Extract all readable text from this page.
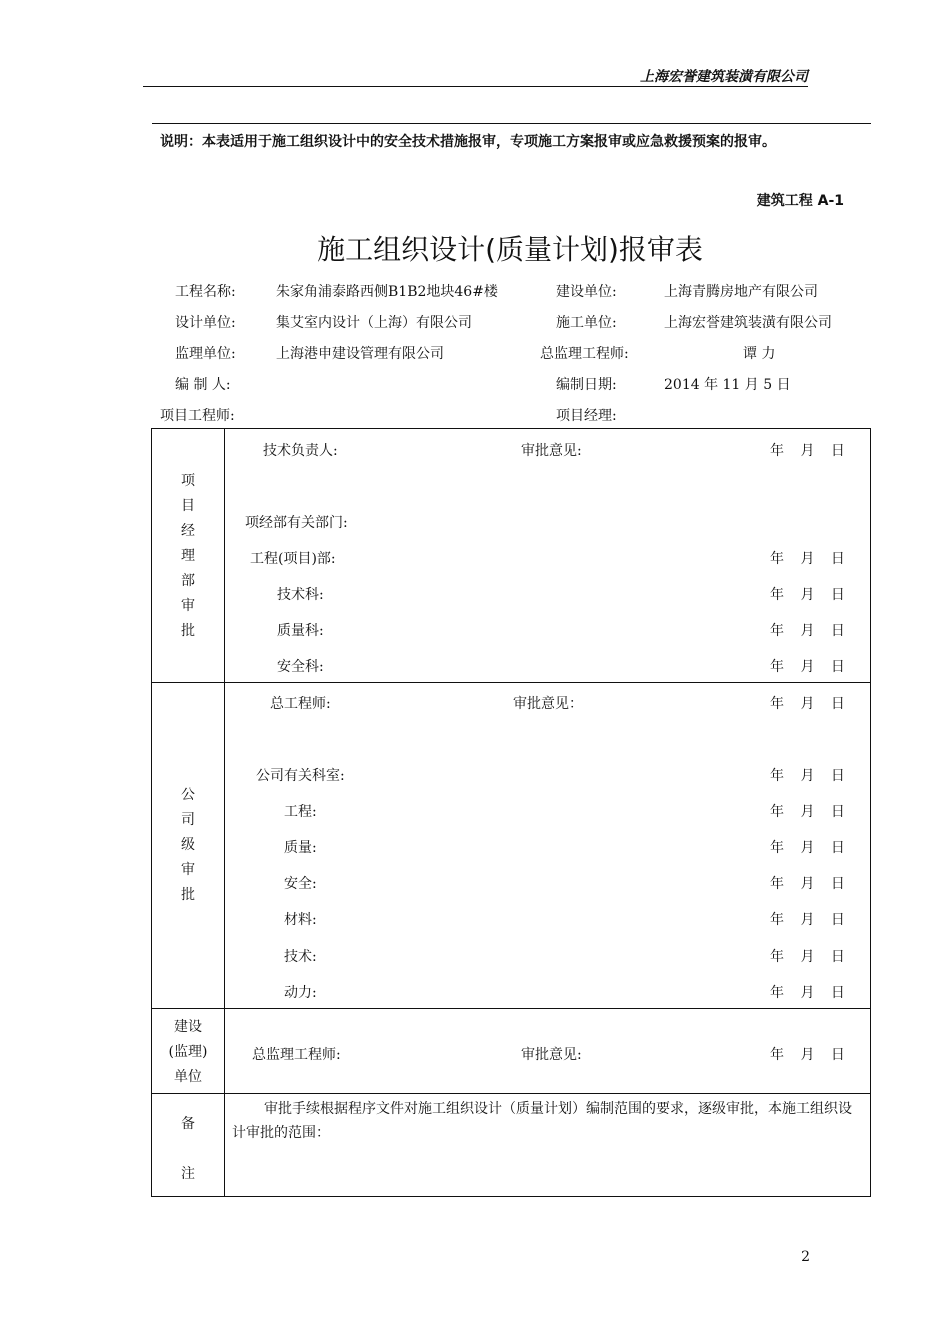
上海宏誉建筑装潢有限公司
说明：本表适用于施工组织设计中的安全技术措施报审，专项施工方案报审或应急救援预案的报审。
建筑工程 A-1
施工组织设计(质量计划)报审表
工程名称:	朱家角浦泰路西侧B1B2地块46#楼	建设单位:	上海青腾房地产有限公司
设计单位:	集艾室内设计（上海）有限公司	施工单位:	上海宏誉建筑装潢有限公司
监理单位:	上海港申建设管理有限公司	总监理工程师:	谭 力
编 制 人:	编制日期:	2014 年 11 月 5 日
项目工程师:	项目经理:
项
目
经
理
部
审
批
技术负责人:	审批意见:	年 月 日
项经部有关部门:
工程(项目)部:	年 月 日
技术科:	年 月 日
质量科:	年 月 日
安全科:	年 月 日
公
司
级
审
批
总工程师:	审批意见：	年 月 日
公司有关科室:	年 月 日
工程:	年 月 日
质量:	年 月 日
安全:	年 月 日
材料:	年 月 日
技术:	年 月 日
动力:	年 月 日
建设
(监理)
单位
总监理工程师:	审批意见:	年 月 日
备
注
审批手续根据程序文件对施工组织设计（质量计划）编制范围的要求，逐级审批，本施工组织设计审批的范围：
2
